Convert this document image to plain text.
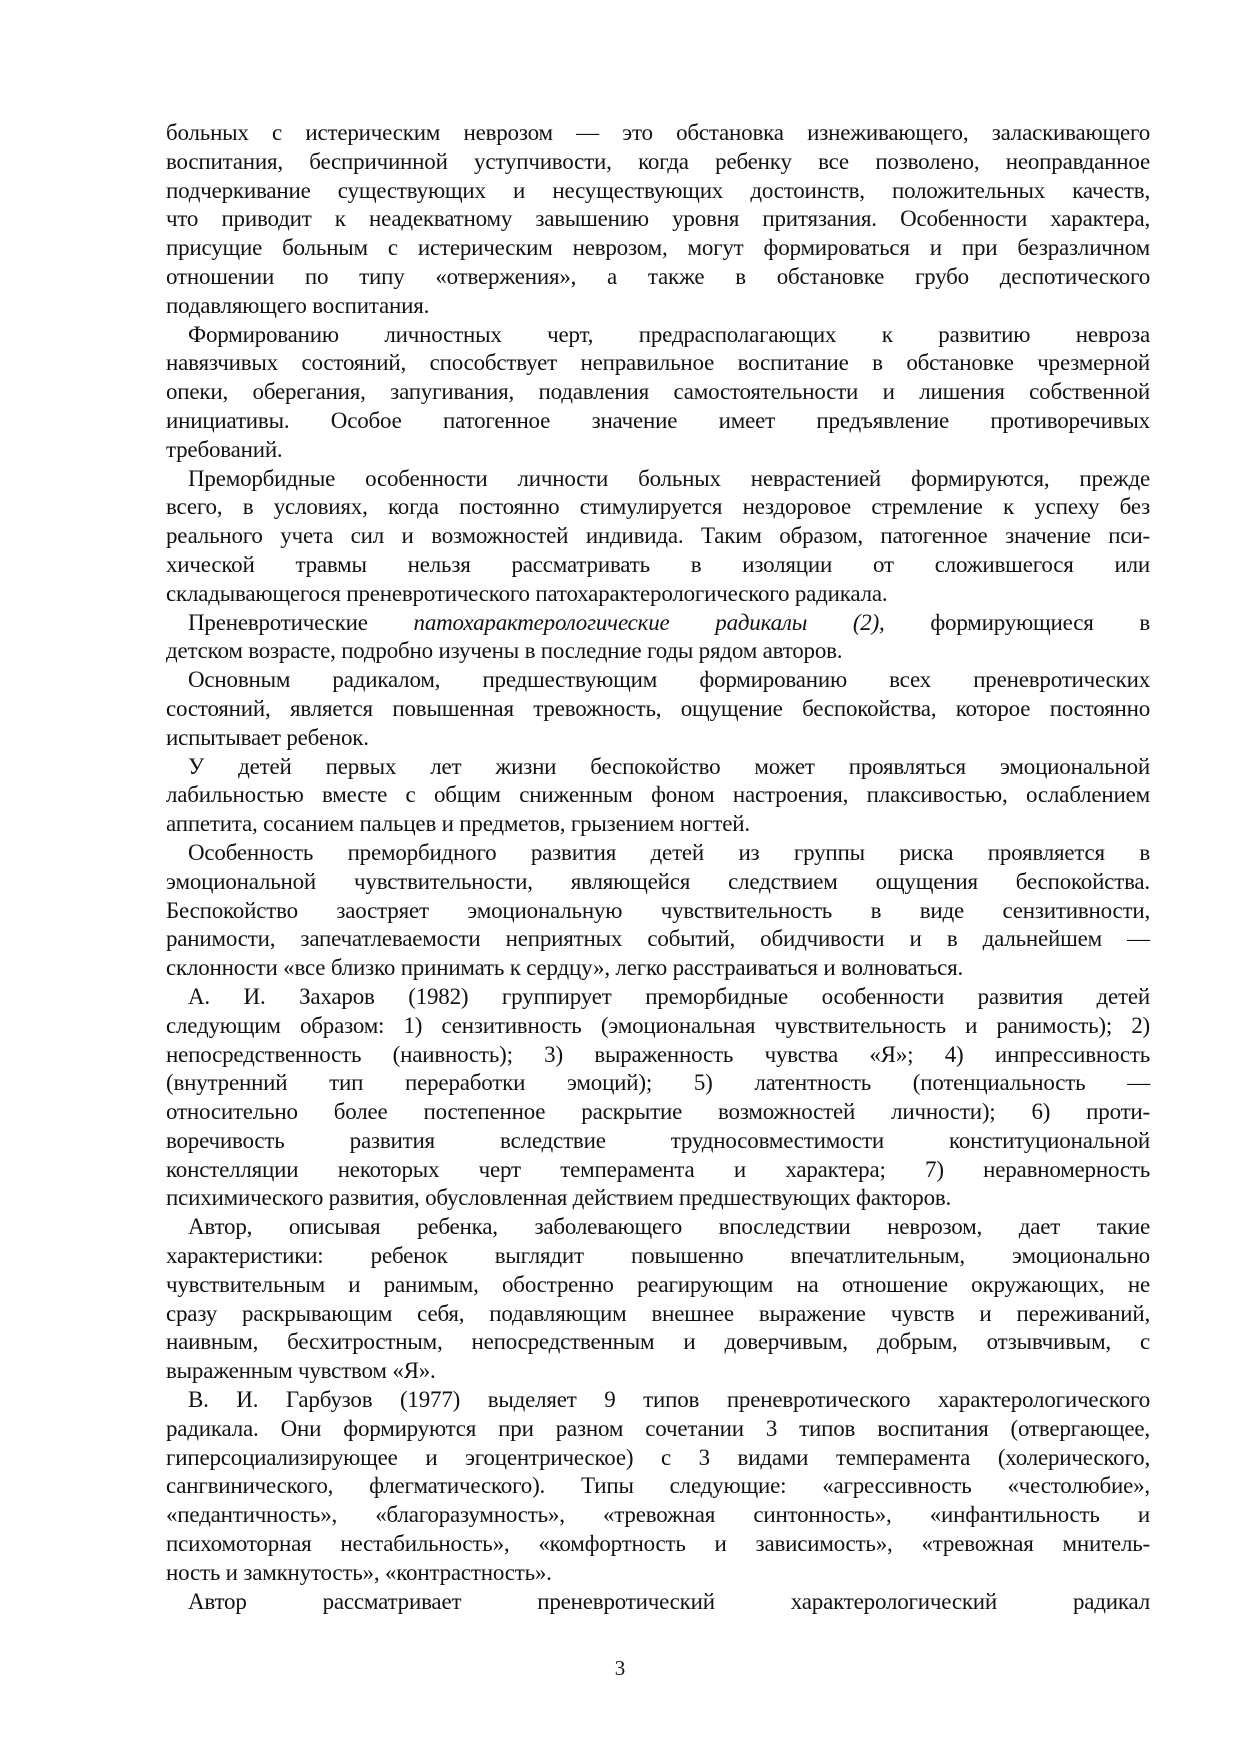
больных с истерическим неврозом — это обстановка изнеживающего, заласкивающего
воспитания, беспричинной уступчивости, когда ребенку все позволено, неоправданное
подчеркивание существующих и несуществующих достоинств, положительных качеств,
что приводит к неадекватному завышению уровня притязания. Особенности характера,
присущие больным с истерическим неврозом, могут формироваться и при безразличном
отношении по типу «отвержения», а также в обстановке грубо деспотического
подавляющего воспитания.
Формированию личностных черт, предрасполагающих к развитию невроза
навязчивых состояний, способствует неправильное воспитание в обстановке чрезмерной
опеки, оберегания, запугивания, подавления самостоятельности и лишения собственной
инициативы. Особое патогенное значение имеет предъявление противоречивых
требований.
Преморбидные особенности личности больных неврастенией формируются, прежде
всего, в условиях, когда постоянно стимулируется нездоровое стремление к успеху без
реального учета сил и возможностей индивида. Таким образом, патогенное значение пси-
хической травмы нельзя рассматривать в изоляции от сложившегося или
складывающегося преневротического патохарактерологического радикала.
Преневротические патохарактерологические радикалы (2), формирующиеся в
детском возрасте, подробно изучены в последние годы рядом авторов.
Основным радикалом, предшествующим формированию всех преневротических
состояний, является повышенная тревожность, ощущение беспокойства, которое постоянно
испытывает ребенок.
У детей первых лет жизни беспокойство может проявляться эмоциональной
лабильностью вместе с общим сниженным фоном настроения, плаксивостью, ослаблением
аппетита, сосанием пальцев и предметов, грызением ногтей.
Особенность преморбидного развития детей из группы риска проявляется в
эмоциональной чувствительности, являющейся следствием ощущения беспокойства.
Беспокойство заостряет эмоциональную чувствительность в виде сензитивности,
ранимости, запечатлеваемости неприятных событий, обидчивости и в дальнейшем —
склонности «все близко принимать к сердцу», легко расстраиваться и волноваться.
А. И. Захаров (1982) группирует преморбидные особенности развития детей
следующим образом: 1) сензитивность (эмоциональная чувствительность и ранимость); 2)
непосредственность (наивность); 3) выраженность чувства «Я»; 4) инпрессивность
(внутренний тип переработки эмоций); 5) латентность (потенциальность —
относительно более постепенное раскрытие возможностей личности); 6) проти-
воречивость развития вследствие трудносовместимости конституциональной
констелляции некоторых черт темперамента и характера; 7) неравномерность
психимического развития, обусловленная действием предшествующих факторов.
Автор, описывая ребенка, заболевающего впоследствии неврозом, дает такие
характеристики: ребенок выглядит повышенно впечатлительным, эмоционально
чувствительным и ранимым, обостренно реагирующим на отношение окружающих, не
сразу раскрывающим себя, подавляющим внешнее выражение чувств и переживаний,
наивным, бесхитростным, непосредственным и доверчивым, добрым, отзывчивым, с
выраженным чувством «Я».
В. И. Гарбузов (1977) выделяет 9 типов преневротического характерологического
радикала. Они формируются при разном сочетании 3 типов воспитания (отвергающее,
гиперсоциализирующее и эгоцентрическое) с 3 видами темперамента (холерического,
сангвинического, флегматического). Типы следующие: «агрессивность «честолюбие»,
«педантичность», «благоразумность», «тревожная синтонность», «инфантильность и
психомоторная нестабильность», «комфортность и зависимость», «тревожная мнитель-
ность и замкнутость», «контрастность».
Автор рассматривает преневротический характерологический радикал
3
